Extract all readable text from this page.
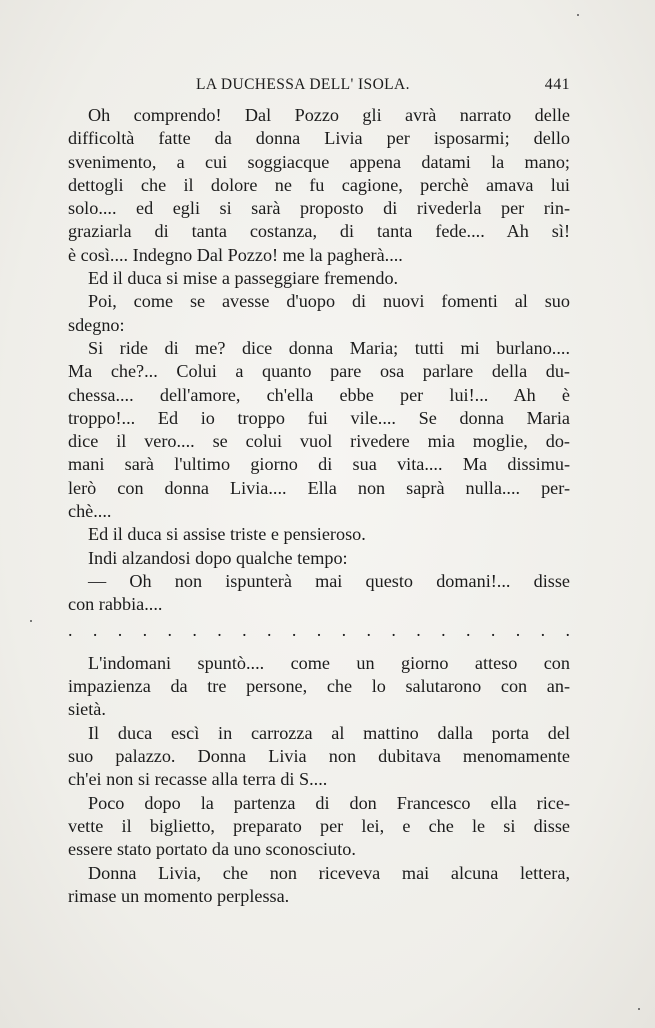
LA DUCHESSA DELL' ISOLA.	441
Oh comprendo! Dal Pozzo gli avrà narrato delle
difficoltà fatte da donna Livia per isposarmi; dello
svenimento, a cui soggiacque appena datami la mano;
dettogli che il dolore ne fu cagione, perchè amava lui
solo.... ed egli si sarà proposto di rivederla per rin-
graziarla di tanta costanza, di tanta fede.... Ah sì!
è così.... Indegno Dal Pozzo! me la pagherà....
Ed il duca si mise a passeggiare fremendo.
Poi, come se avesse d'uopo di nuovi fomenti al suo
sdegno:
Si ride di me? dice donna Maria; tutti mi burlano....
Ma che?... Colui a quanto pare osa parlare della du-
chessa.... dell'amore, ch'ella ebbe per lui!... Ah è
troppo!... Ed io troppo fui vile.... Se donna Maria
dice il vero.... se colui vuol rivedere mia moglie, do-
mani sarà l'ultimo giorno di sua vita.... Ma dissimu-
lerò con donna Livia.... Ella non saprà nulla.... per-
chè....
Ed il duca si assise triste e pensieroso.
Indi alzandosi dopo qualche tempo:
— Oh non ispunterà mai questo domani!... disse
con rabbia....
. . . . . . . . . . . . . . . . . . . . .
L'indomani spuntò.... come un giorno atteso con
impazienza da tre persone, che lo salutarono con an-
sietà.
Il duca escì in carrozza al mattino dalla porta del
suo palazzo. Donna Livia non dubitava menomamente
ch'ei non si recasse alla terra di S....
Poco dopo la partenza di don Francesco ella rice-
vette il biglietto, preparato per lei, e che le si disse
essere stato portato da uno sconosciuto.
Donna Livia, che non riceveva mai alcuna lettera,
rimase un momento perplessa.
